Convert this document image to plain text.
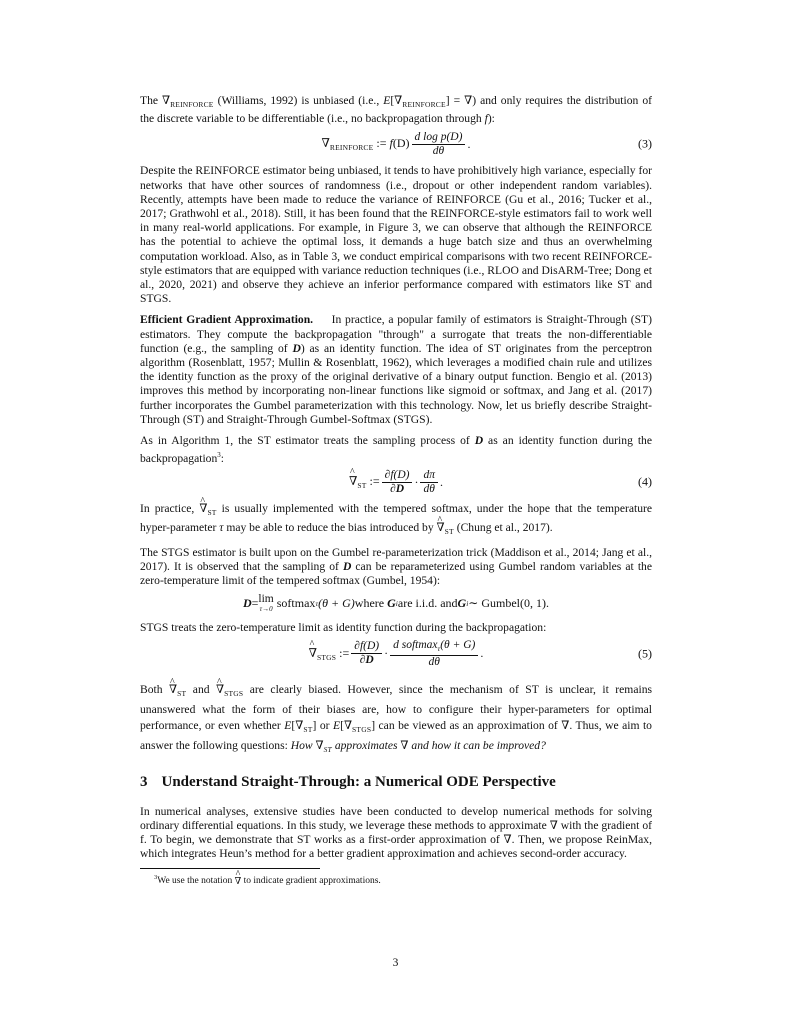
The $\nabla_{REINFORCE}$ (Williams, 1992) is unbiased (i.e., $E[\nabla_{REINFORCE}]$ = ∇) and only requires the distribution of the discrete variable to be differentiable (i.e., no backpropagation through f):

$\nabla_{REINFORCE}$ := $f(D) \frac{\text{d log p(D)}}{d\theta}$ .	(3)

Despite the REINFORCE estimator being unbiased, it tends to have prohibitively high variance, especially for networks that have other sources of randomness (i.e., dropout or other independent random variables). Recently, attempts have been made to reduce the variance of REINFORCE (Gu et al., 2016; Tucker et al., 2017; Grathwohl et al., 2018). Still, it has been found that the REINFORCE-style estimators fail to work well in many real-world applications. For example, in Figure 3, we can observe that although the REINFORCE has the potential to achieve the optimal loss, it demands a huge batch size and thus an overwhelming computation workload. Also, as in Table 3, we conduct empirical comparisons with two recent REINFORCE-style estimators that are equipped with variance reduction techniques (i.e., RLOO and DisARM-Tree; Dong et al., 2020, 2021) and observe they achieve an inferior performance compared with estimators like ST and STGS.

Efficient Gradient Approximation. In practice, a popular family of estimators is Straight-Through (ST) estimators. They compute the backpropagation "through" a surrogate that treats the non-differentiable function (e.g., the sampling of D) as an identity function. The idea of ST originates from the perceptron algorithm (Rosenblatt, 1957; Mullin & Rosenblatt, 1962), which leverages a modified chain rule and utilizes the identity function as the proxy of the original derivative of a binary output function. Bengio et al. (2013) improves this method by incorporating non-linear functions like sigmoid or softmax, and Jang et al. (2017) further incorporates the Gumbel parameterization with this technology. Now, let us briefly describe Straight-Through (ST) and Straight-Through Gumbel-Softmax (STGS).

As in Algorithm 1, the ST estimator treats the sampling process of D as an identity function during the backpropagation$^3$:

^ $\nabla_{ST}$ := $\frac{\partial f(D)}{\partial D} \cdot \frac{d\pi}{d\theta}$ .	(4)

In practice, ^ $\nabla_{ST}$ is usually implemented with the tempered softmax, under the hope that the temperature hyper-parameter τ may be able to reduce the bias introduced by ^ $\nabla_{ST}$ (Chung et al., 2017).

The STGS estimator is built upon on the Gumbel re-parameterization trick (Maddison et al., 2014; Jang et al., 2017). It is observed that the sampling of D can be reparameterized using Gumbel random variables at the zero-temperature limit of the tempered softmax (Gumbel, 1954):

D = lim
τ→0 softmax τ (θ + G) where
G i are i.i.d. and G i ∼ Gumbel(0, 1).

STGS treats the zero-temperature limit as identity function during the backpropagation:

^ $\nabla_{STGS}$ := $\frac{\partial f(D)}{\partial D} \cdot \frac{d softmax_\tau(\theta + G)}{d\theta}$ .	(5)

Both ^ $\nabla_{ST}$ and ^ $\nabla_{STGS}$ are clearly biased. However, since the mechanism of ST is unclear, it remains unanswered what the form of their biases are, how to configure their hyper-parameters for optimal performance, or even whether $E[\nabla_{ST}]$ or $E[\nabla_{STGS}]$ can be viewed as an approximation of ∇. Thus, we aim to answer the following questions: How $\nabla_{ST}$ approximates ∇ and how it can be improved?

3 Understand Straight-Through: a Numerical ODE Perspective

In numerical analyses, extensive studies have been conducted to develop numerical methods for solving ordinary differential equations. In this study, we leverage these methods to approximate ∇ with the gradient of f. To begin, we demonstrate that ST works as a first-order approximation of ∇. Then, we propose ReinMax, which integrates Heun’s method for a better gradient approximation and achieves second-order accuracy.

$^3$We use the notation ^ ∇ to indicate gradient approximations.
3
